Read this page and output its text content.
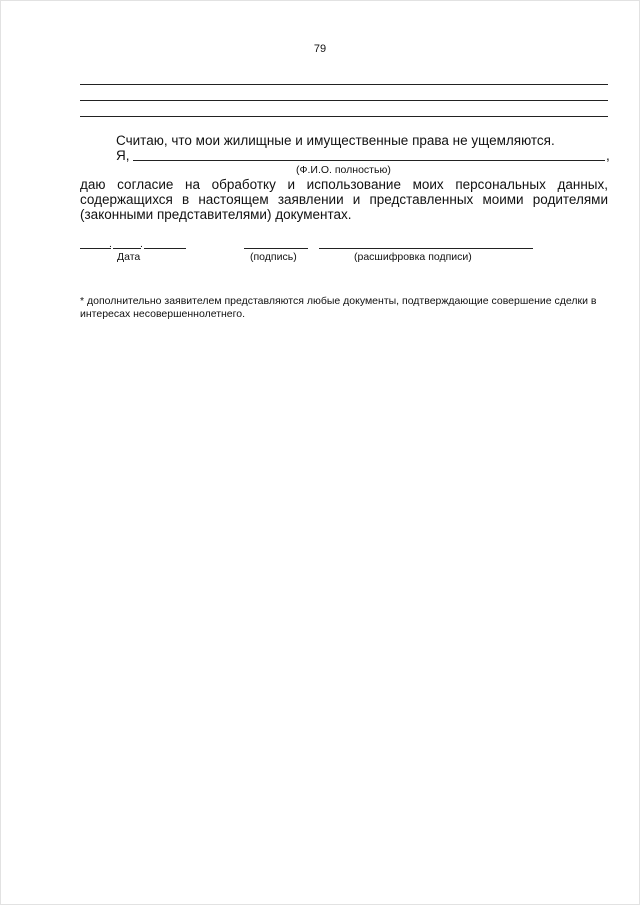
79
Считаю, что мои жилищные и имущественные права не ущемляются.
Я,	,
(Ф.И.О. полностью)
даю согласие на обработку и использование моих персональных данных,
содержащихся в настоящем заявлении и представленных моими родителями
(законными представителями) документах.
.	.
Дата	(подпись)	(расшифровка подписи)
* дополнительно заявителем представляются любые документы, подтверждающие совершение сделки в
интересах несовершеннолетнего.
